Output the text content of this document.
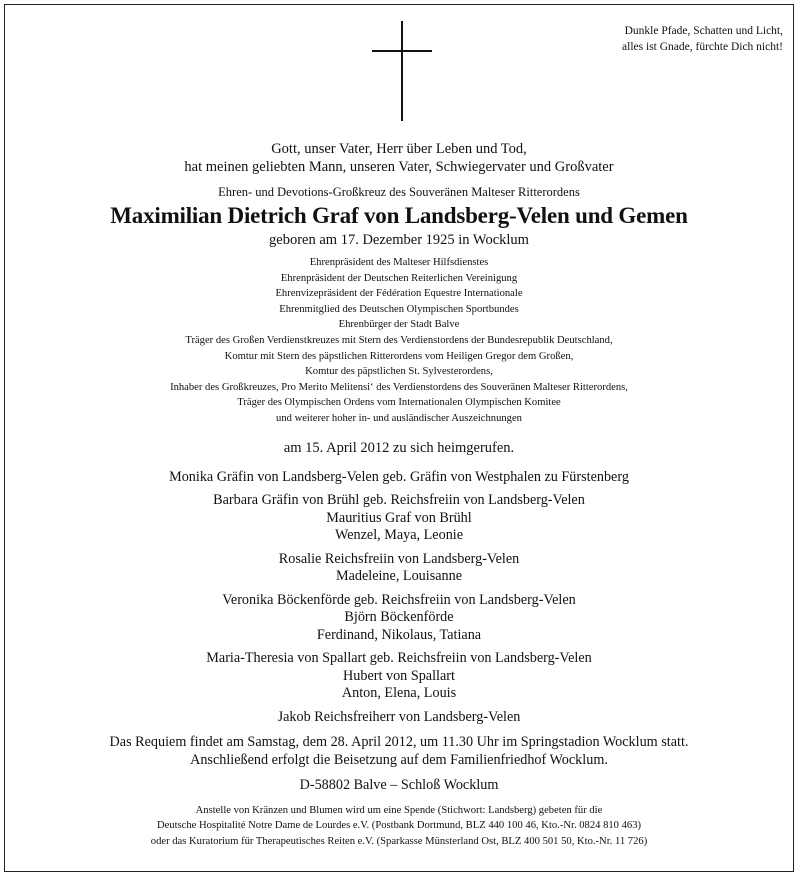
Dunkle Pfade, Schatten und Licht,
alles ist Gnade, fürchte Dich nicht!
Gott, unser Vater, Herr über Leben und Tod,
hat meinen geliebten Mann, unseren Vater, Schwiegervater und Großvater
Ehren- und Devotions-Großkreuz des Souveränen Malteser Ritterordens
Maximilian Dietrich Graf von Landsberg-Velen und Gemen
geboren am 17. Dezember 1925 in Wocklum
Ehrenpräsident des Malteser Hilfsdienstes
Ehrenpräsident der Deutschen Reiterlichen Vereinigung
Ehrenvizepräsident der Fédération Equestre Internationale
Ehrenmitglied des Deutschen Olympischen Sportbundes
Ehrenbürger der Stadt Balve
Träger des Großen Verdienstkreuzes mit Stern des Verdienstordens der Bundesrepublik Deutschland,
Komtur mit Stern des päpstlichen Ritterordens vom Heiligen Gregor dem Großen,
Komtur des päpstlichen St. Sylvesterordens,
Inhaber des Großkreuzes, Pro Merito Melitensi‘ des Verdienstordens des Souveränen Malteser Ritterordens,
Träger des Olympischen Ordens vom Internationalen Olympischen Komitee
und weiterer hoher in- und ausländischer Auszeichnungen
am 15. April 2012 zu sich heimgerufen.
Monika Gräfin von Landsberg-Velen geb. Gräfin von Westphalen zu Fürstenberg
Barbara Gräfin von Brühl geb. Reichsfreiin von Landsberg-Velen
Mauritius Graf von Brühl
Wenzel, Maya, Leonie
Rosalie Reichsfreiin von Landsberg-Velen
Madeleine, Louisanne
Veronika Böckenförde geb. Reichsfreiin von Landsberg-Velen
Björn Böckenförde
Ferdinand, Nikolaus, Tatiana
Maria-Theresia von Spallart geb. Reichsfreiin von Landsberg-Velen
Hubert von Spallart
Anton, Elena, Louis
Jakob Reichsfreiherr von Landsberg-Velen
Das Requiem findet am Samstag, dem 28. April 2012, um 11.30 Uhr im Springstadion Wocklum statt.
Anschließend erfolgt die Beisetzung auf dem Familienfriedhof Wocklum.
D-58802 Balve – Schloß Wocklum
Anstelle von Kränzen und Blumen wird um eine Spende (Stichwort: Landsberg) gebeten für die
Deutsche Hospitalité Notre Dame de Lourdes e.V. (Postbank Dortmund, BLZ 440 100 46, Kto.-Nr. 0824 810 463)
oder das Kuratorium für Therapeutisches Reiten e.V. (Sparkasse Münsterland Ost, BLZ 400 501 50, Kto.-Nr. 11 726)
